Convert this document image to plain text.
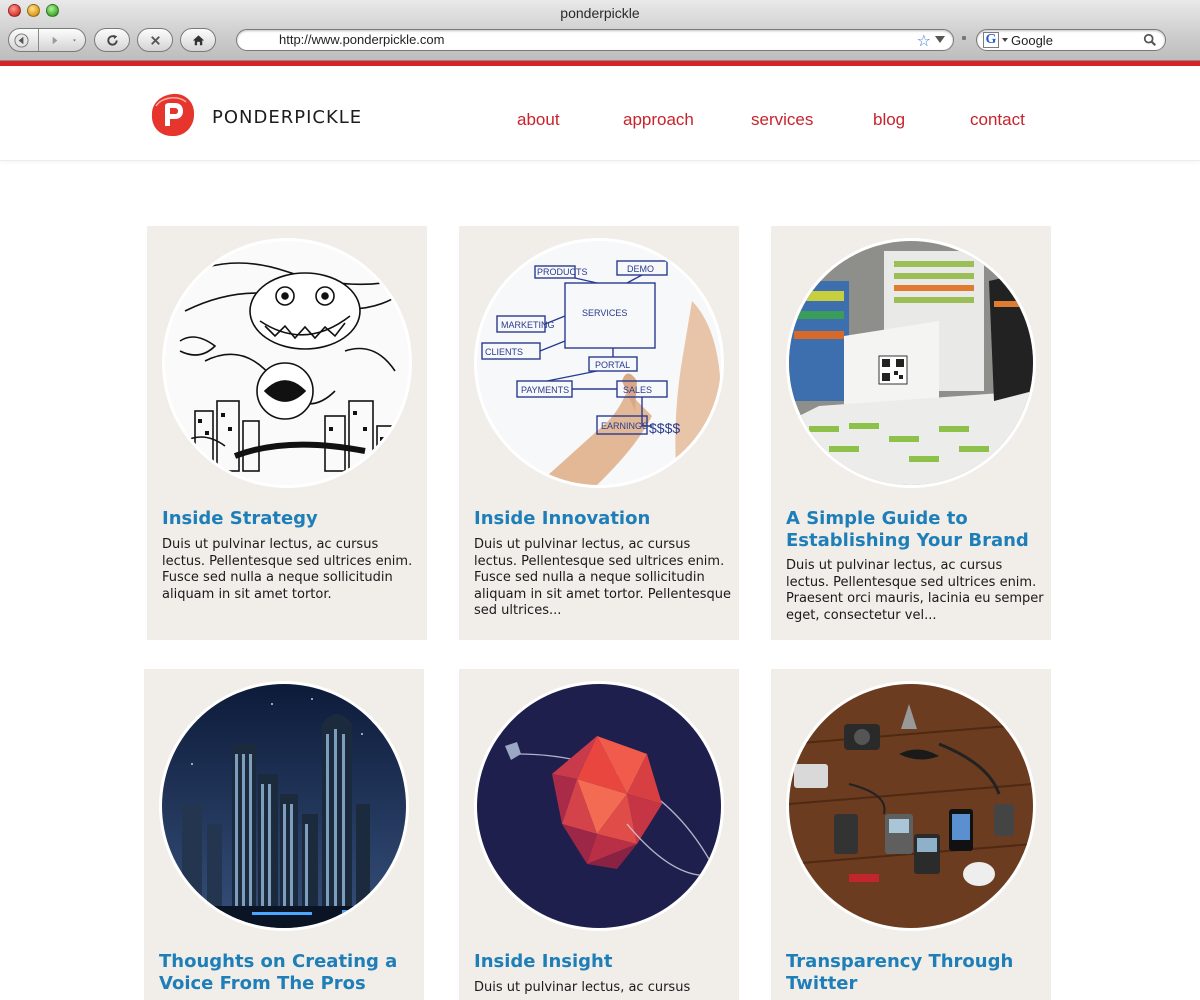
ponderpickle
http://www.ponderpickle.com	☆	G Google
ponderpickle	about	approach	services	blog	contact
Inside Strategy
Duis ut pulvinar lectus, ac cursus lectus. Pellentesque sed ultrices enim. Fusce sed nulla a neque sollicitudin aliquam in sit amet tortor.
SERVICES
PRODUCTS	DEMO
MARKETING
CLIENTS
PORTAL
PAYMENTS	SALES
EARNINGS $$$$
Inside Innovation
Duis ut pulvinar lectus, ac cursus lectus. Pellentesque sed ultrices enim. Fusce sed nulla a neque sollicitudin aliquam in sit amet tortor. Pellentesque sed ultrices...
A Simple Guide to Establishing Your Brand
Duis ut pulvinar lectus, ac cursus lectus. Pellentesque sed ultrices enim. Praesent orci mauris, lacinia eu semper eget, consectetur vel...
Thoughts on Creating a Voice From The Pros
Inside Insight
Duis ut pulvinar lectus, ac cursus
Transparency Through Twitter
